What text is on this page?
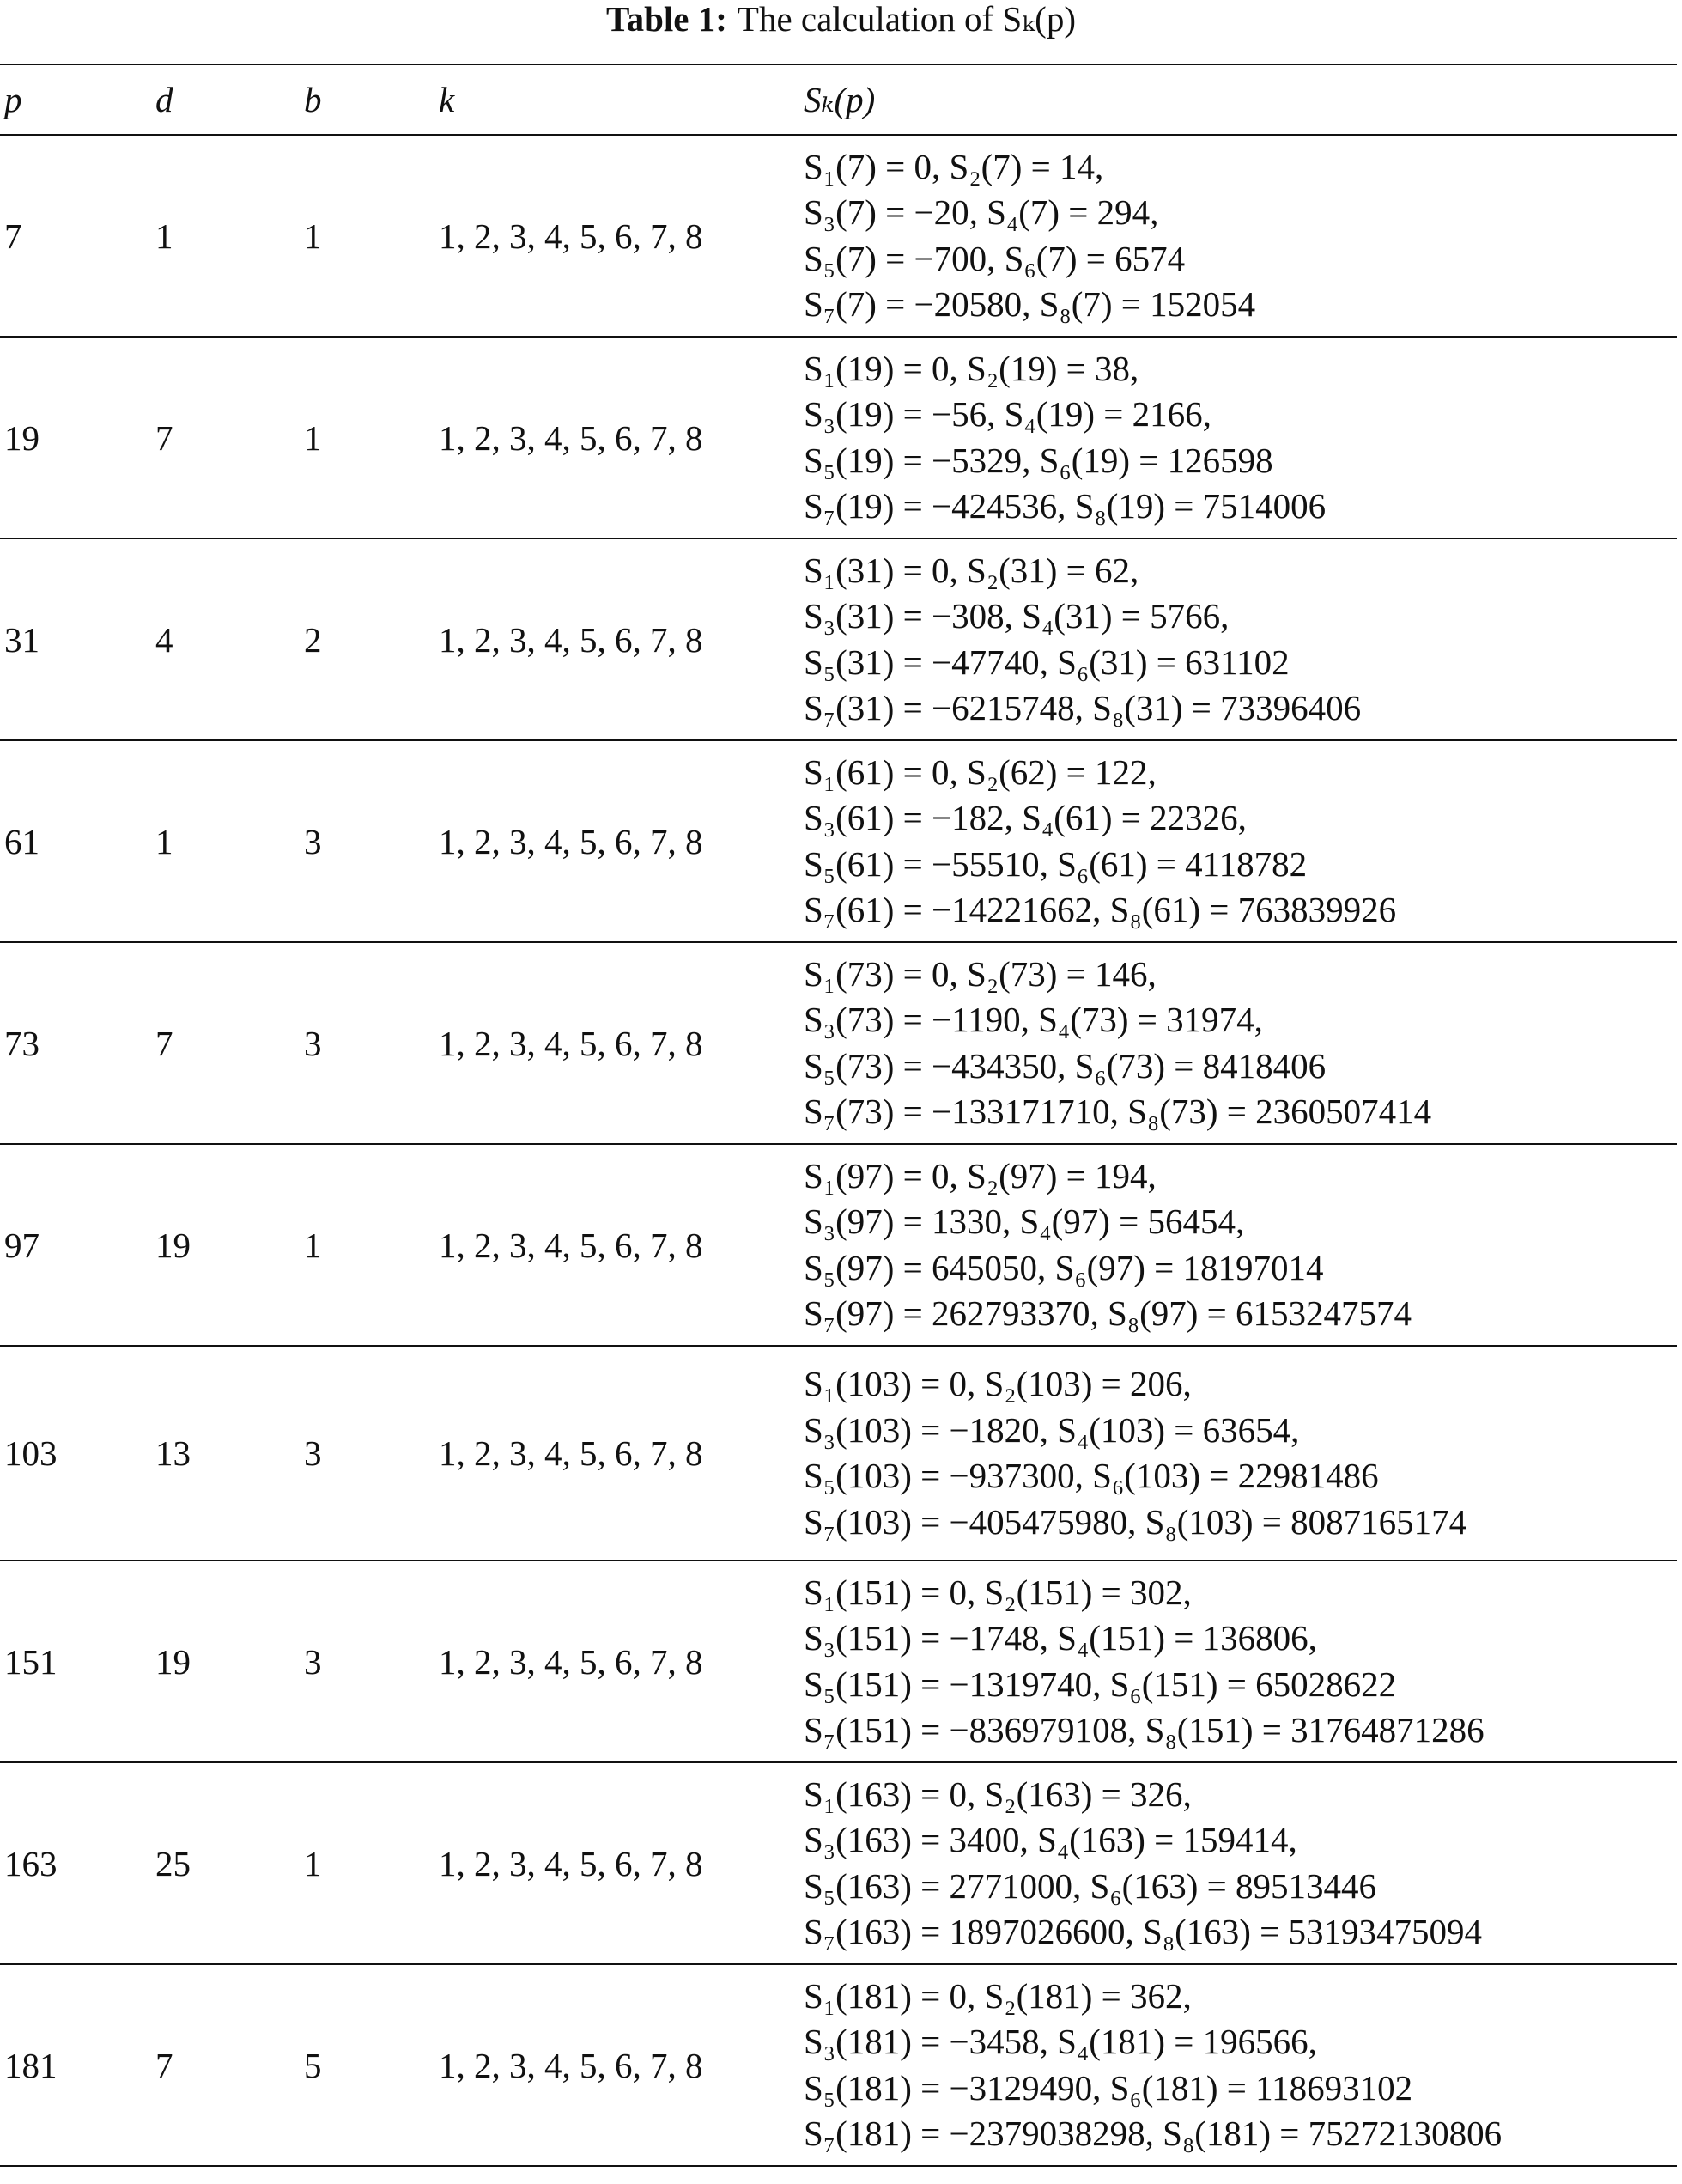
Table 1: The calculation of Sₖ(p)
p	d	b	k	Sₖ(p)
7	1	1	1, 2, 3, 4, 5, 6, 7, 8	S₁(7) = 0, S₂(7) = 14,
S₃(7) = −20, S₄(7) = 294,
S₅(7) = −700, S₆(7) = 6574
S₇(7) = −20580, S₈(7) = 152054

19	7	1	1, 2, 3, 4, 5, 6, 7, 8	S₁(19) = 0, S₂(19) = 38,
S₃(19) = −56, S₄(19) = 2166,
S₅(19) = −5329, S₆(19) = 126598
S₇(19) = −424536, S₈(19) = 7514006

31	4	2	1, 2, 3, 4, 5, 6, 7, 8	S₁(31) = 0, S₂(31) = 62,
S₃(31) = −308, S₄(31) = 5766,
S₅(31) = −47740, S₆(31) = 631102
S₇(31) = −6215748, S₈(31) = 73396406

61	1	3	1, 2, 3, 4, 5, 6, 7, 8	S₁(61) = 0, S₂(62) = 122,
S₃(61) = −182, S₄(61) = 22326,
S₅(61) = −55510, S₆(61) = 4118782
S₇(61) = −14221662, S₈(61) = 763839926

73	7	3	1, 2, 3, 4, 5, 6, 7, 8	S₁(73) = 0, S₂(73) = 146,
S₃(73) = −1190, S₄(73) = 31974,
S₅(73) = −434350, S₆(73) = 8418406
S₇(73) = −133171710, S₈(73) = 2360507414

97	19	1	1, 2, 3, 4, 5, 6, 7, 8	S₁(97) = 0, S₂(97) = 194,
S₃(97) = 1330, S₄(97) = 56454,
S₅(97) = 645050, S₆(97) = 18197014
S₇(97) = 262793370, S₈(97) = 6153247574

103	13	3	1, 2, 3, 4, 5, 6, 7, 8	S₁(103) = 0, S₂(103) = 206,
S₃(103) = −1820, S₄(103) = 63654,
S₅(103) = −937300, S₆(103) = 22981486
S₇(103) = −405475980, S₈(103) = 8087165174

151	19	3	1, 2, 3, 4, 5, 6, 7, 8	S₁(151) = 0, S₂(151) = 302,
S₃(151) = −1748, S₄(151) = 136806,
S₅(151) = −1319740, S₆(151) = 65028622
S₇(151) = −836979108, S₈(151) = 31764871286

163	25	1	1, 2, 3, 4, 5, 6, 7, 8	S₁(163) = 0, S₂(163) = 326,
S₃(163) = 3400, S₄(163) = 159414,
S₅(163) = 2771000, S₆(163) = 89513446
S₇(163) = 1897026600, S₈(163) = 53193475094

181	7	5	1, 2, 3, 4, 5, 6, 7, 8	S₁(181) = 0, S₂(181) = 362,
S₃(181) = −3458, S₄(181) = 196566,
S₅(181) = −3129490, S₆(181) = 118693102
S₇(181) = −2379038298, S₈(181) = 75272130806
